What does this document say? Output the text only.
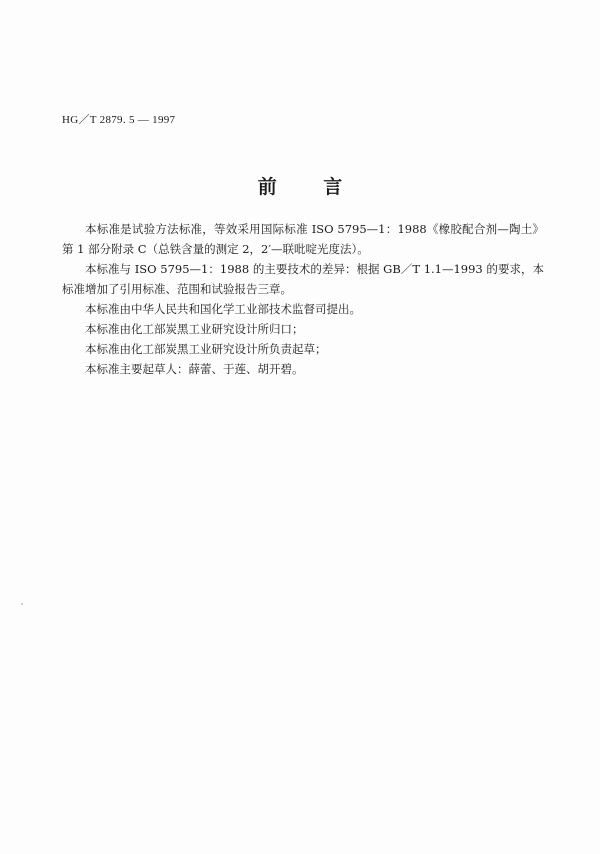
HG／T 2879. 5 — 1997
前 言

本标准是试验方法标准，等效采用国际标准 ISO 5795—1：1988《橡胶配合剂—陶土》第 1 部分附录 C（总铁含量的测定 2，2′—联吡啶光度法）。

本标准与 ISO 5795—1：1988 的主要技术的差异：根据 GB／T 1.1—1993 的要求，本标准增加了引用标准、范围和试验报告三章。

本标准由中华人民共和国化学工业部技术监督司提出。

本标准由化工部炭黑工业研究设计所归口；

本标准由化工部炭黑工业研究设计所负责起草；

本标准主要起草人：薛蕾、于莲、胡开碧。
